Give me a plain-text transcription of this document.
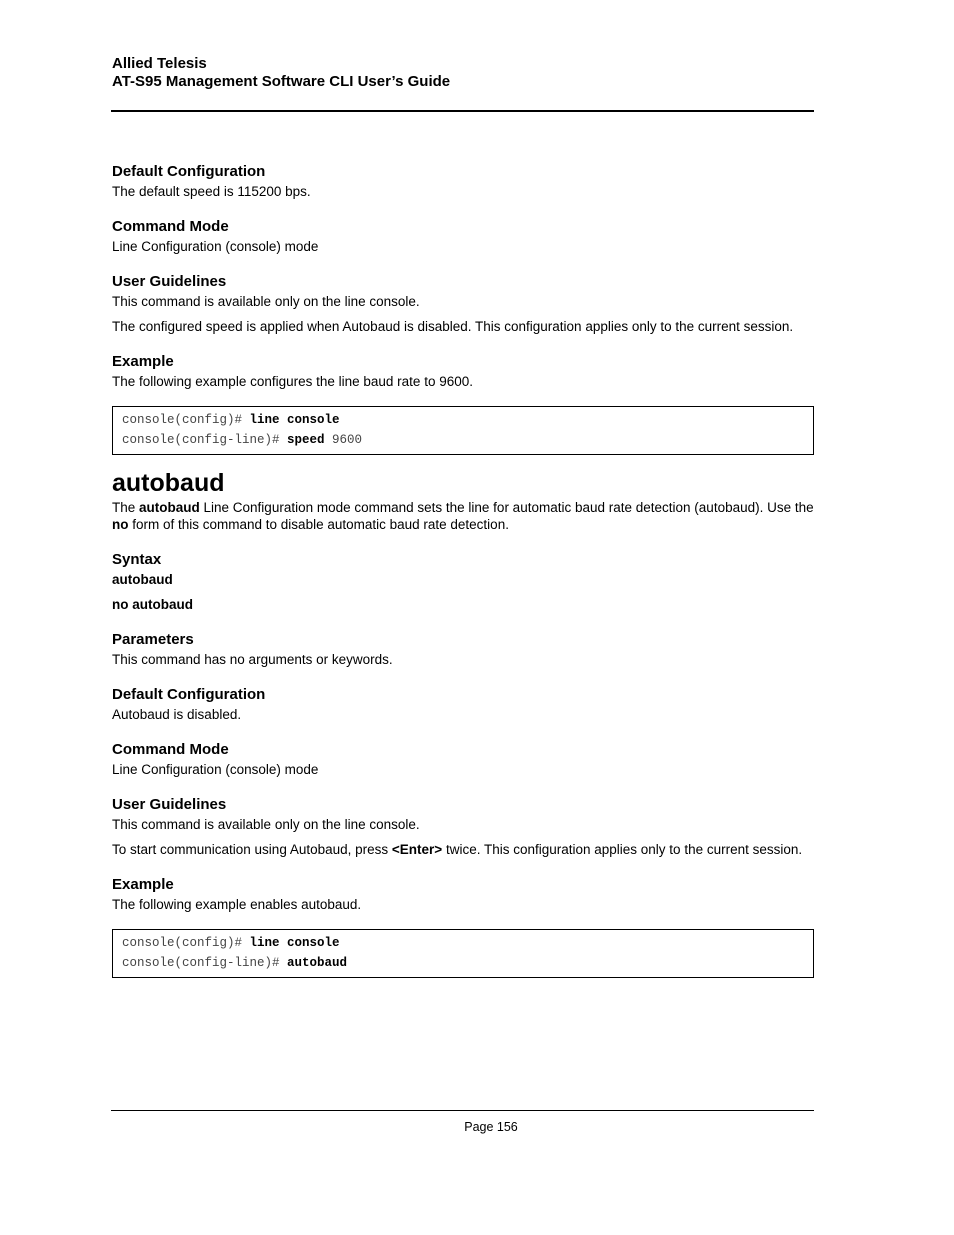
Allied Telesis
AT-S95 Management Software CLI User’s Guide
Default Configuration

The default speed is 115200 bps.

Command Mode

Line Configuration (console) mode

User Guidelines

This command is available only on the line console.

The configured speed is applied when Autobaud is disabled. This configuration applies only to the current session.

Example

The following example configures the line baud rate to 9600.

console(config)# line console
console(config-line)# speed 9600
autobaud

The autobaud Line Configuration mode command sets the line for automatic baud rate detection (autobaud). Use the no form of this command to disable automatic baud rate detection.

Syntax

autobaud

no autobaud

Parameters

This command has no arguments or keywords.

Default Configuration

Autobaud is disabled.

Command Mode

Line Configuration (console) mode

User Guidelines

This command is available only on the line console.

To start communication using Autobaud, press <Enter> twice. This configuration applies only to the current session.

Example

The following example enables autobaud.

console(config)# line console
console(config-line)# autobaud
Page 156
